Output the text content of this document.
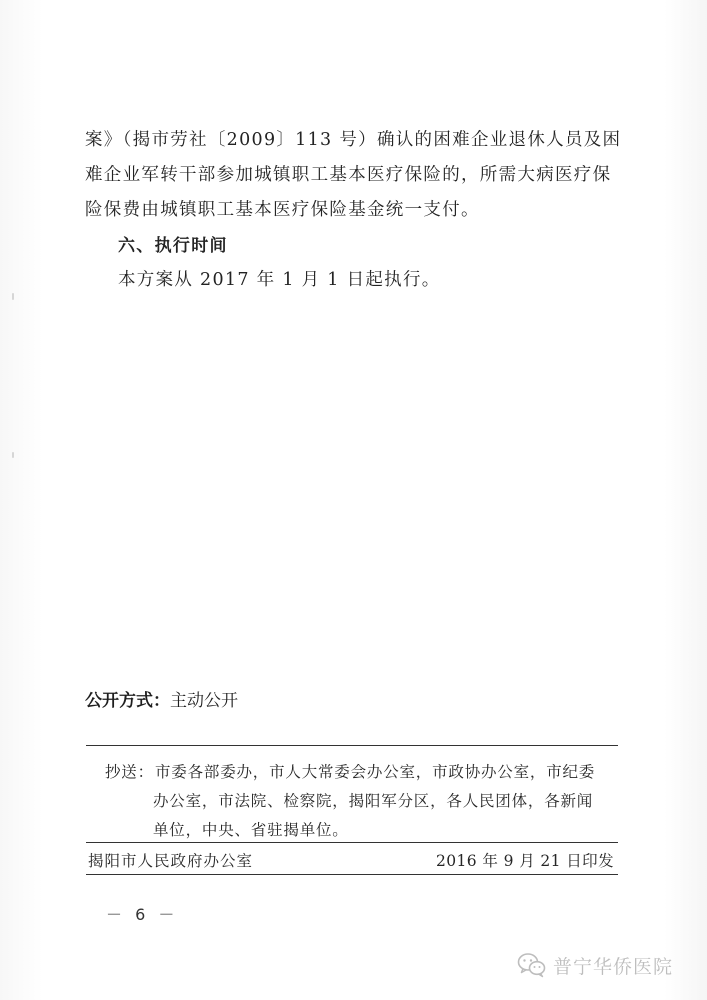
案》（揭市劳社〔2009〕113 号）确认的困难企业退休人员及困
难企业军转干部参加城镇职工基本医疗保险的，所需大病医疗保
险保费由城镇职工基本医疗保险基金统一支付。
六、执行时间
本方案从 2017 年 1 月 1 日起执行。
公开方式：主动公开
抄送： 市委各部委办，市人大常委会办公室，市政协办公室，市纪委
办公室，市法院、检察院，揭阳军分区，各人民团体，各新闻
单位，中央、省驻揭单位。
揭阳市人民政府办公室	2016 年 9 月 21 日印发
－ 6 －
普宁华侨医院
